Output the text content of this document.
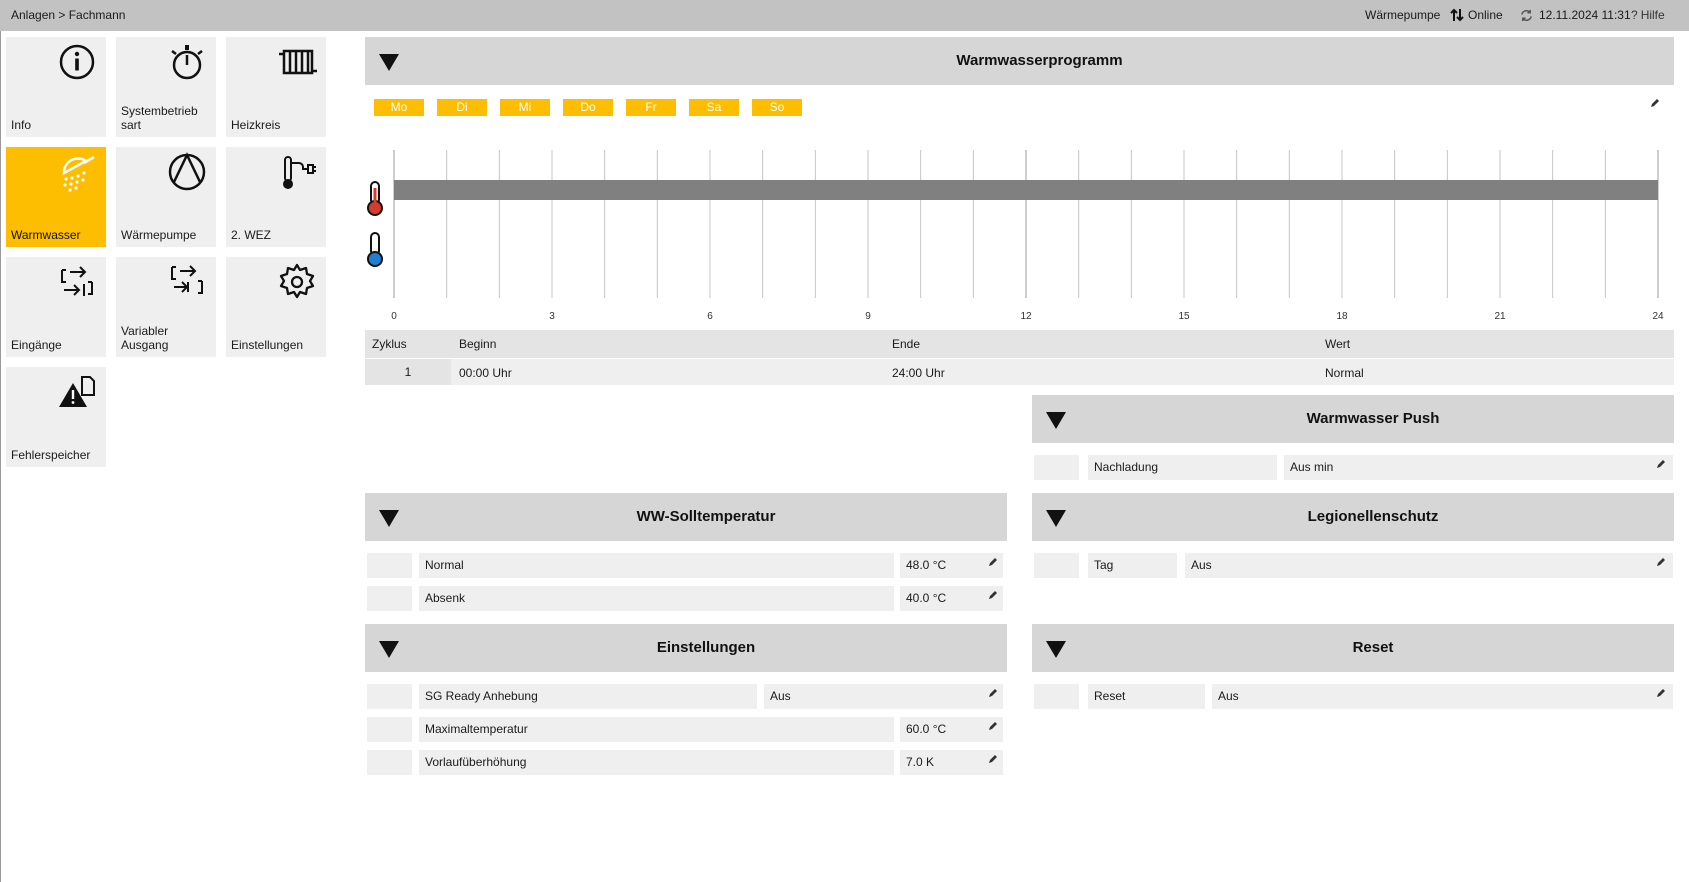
Anlagen > Fachmann	Wärmepumpe Online	12.11.2024 11:31 ? Hilfe
Info
Systembetrieb
sart	Heizkreis
Warmwasser	Wärmepumpe	2. WEZ
Eingänge
Variabler
Ausgang	Einstellungen
Fehlerspeicher
Warmwasserprogramm
Mo	Di	Mi	Do	Fr	Sa	So
0	3	6	9	12	15	18	21	24
Zyklus	Beginn	Ende	Wert
1	00:00 Uhr	24:00 Uhr	Normal
Warmwasser Push
Nachladung	Aus min
WW-Solltemperatur
Normal	48.0 °C
Absenk	40.0 °C
Legionellenschutz
Tag	Aus
Einstellungen
SG Ready Anhebung	Aus
Maximaltemperatur	60.0 °C
Vorlaufüberhöhung	7.0 K
Reset
Reset	Aus
